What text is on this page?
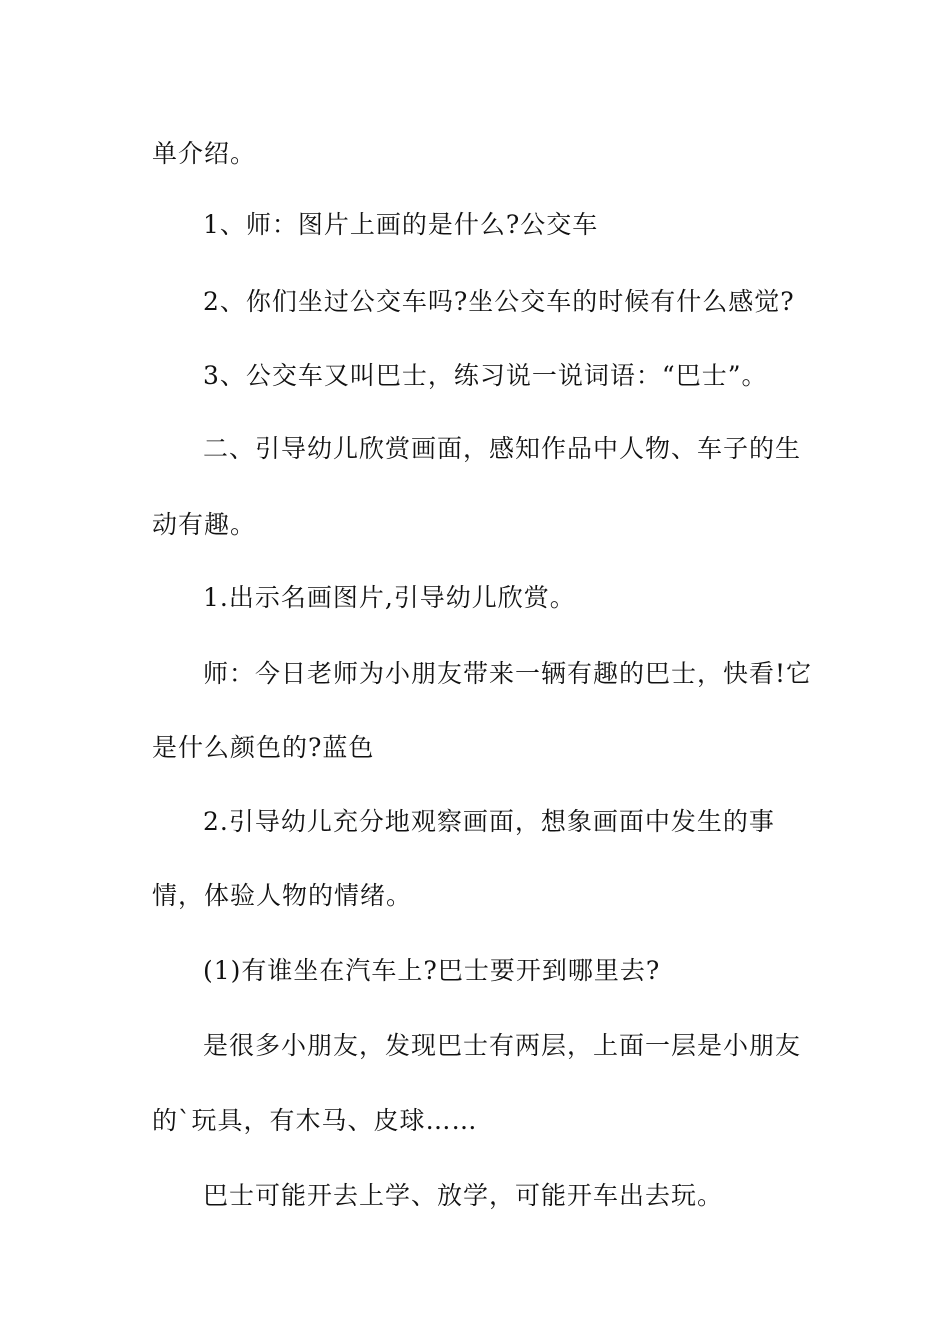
单介绍。
1、师：图片上画的是什么?公交车
2、你们坐过公交车吗?坐公交车的时候有什么感觉?
3、公交车又叫巴士，练习说一说词语：“巴士”。
二、引导幼儿欣赏画面，感知作品中人物、车子的生
动有趣。
1.出示名画图片,引导幼儿欣赏。
师：今日老师为小朋友带来一辆有趣的巴士，快看!它
是什么颜色的?蓝色
2.引导幼儿充分地观察画面，想象画面中发生的事
情，体验人物的情绪。
(1)有谁坐在汽车上?巴士要开到哪里去?
是很多小朋友，发现巴士有两层，上面一层是小朋友
的`玩具，有木马、皮球……
巴士可能开去上学、放学，可能开车出去玩。
